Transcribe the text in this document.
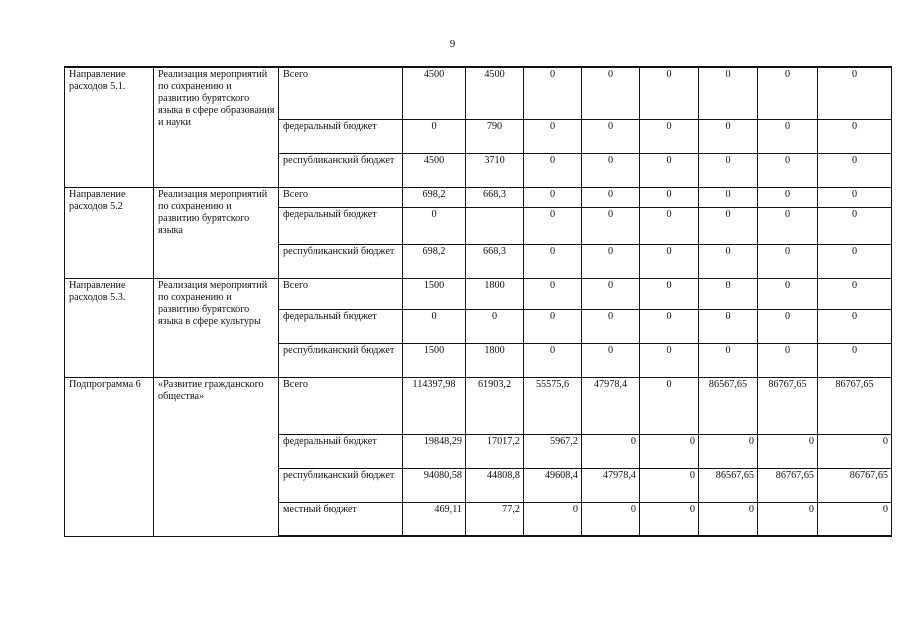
9
Направление расходов 5.1.	Реализация мероприятий по сохранению и развитию бурятского языка в сфере образования и науки	Всего	4500	4500	0	0	0	0	0	0
		федеральный бюджет	0	790	0	0	0	0	0	0
		республиканский бюджет	4500	3710	0	0	0	0	0	0
Направление расходов 5.2	Реализация мероприятий по сохранению и развитию бурятского языка	Всего	698,2	668,3	0	0	0	0	0	0
		федеральный бюджет	0		0	0	0	0	0	0
		республиканский бюджет	698,2	668,3	0	0	0	0	0	0
Направление расходов 5.3.	Реализация мероприятий по сохранению и развитию бурятского языка в сфере культуры	Всего	1500	1800	0	0	0	0	0	0
		федеральный бюджет	0	0	0	0	0	0	0	0
		республиканский бюджет	1500	1800	0	0	0	0	0	0
Подпрограмма 6	«Развитие гражданского общества»	Всего	114397,98	61903,2	55575,6	47978,4	0	86567,65	86767,65	86767,65
		федеральный бюджет	19848,29	17017,2	5967,2	0	0	0	0	0
		республиканский бюджет	94080,58	44808,8	49608,4	47978,4	0	86567,65	86767,65	86767,65
		местный бюджет	469,11	77,2	0	0	0	0	0	0
